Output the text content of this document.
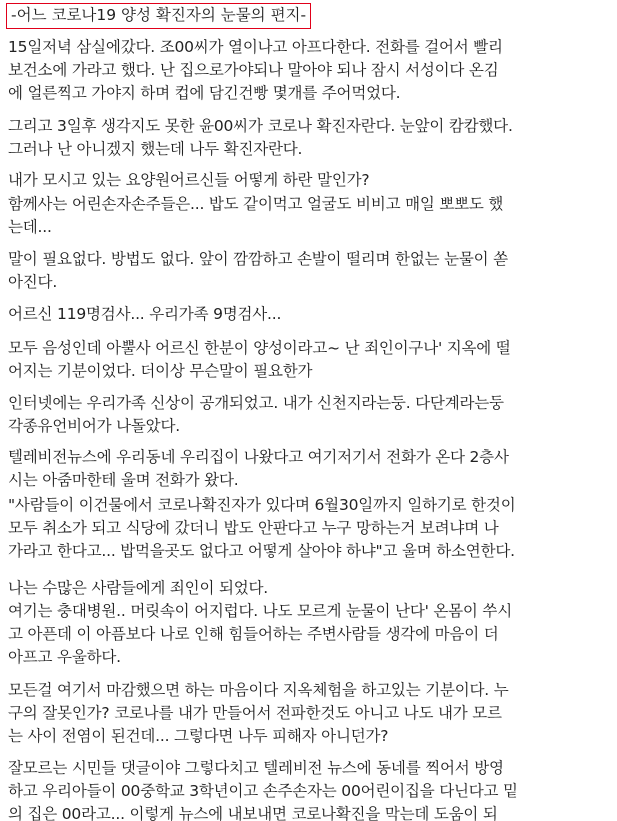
-어느 코로나19 양성 확진자의 눈물의 편지-

15일저녁 삼실에갔다. 조00씨가 열이나고 아프다한다. 전화를 걸어서 빨리
보건소에 가라고 했다. 난 집으로가야되나 말아야 되나 잠시 서성이다 온김
에 얼른찍고 가야지 하며 컵에 담긴건빵 몇개를 주어먹었다.

그리고 3일후 생각지도 못한 윤00씨가 코로나 확진자란다. 눈앞이 캄캄했다.
그러나 난 아니겠지 했는데 나두 확진자란다.

내가 모시고 있는 요양원어르신들 어떻게 하란 말인가?

함께사는 어린손자손주들은... 밥도 같이먹고 얼굴도 비비고 매일 뽀뽀도 했
는데...

말이 필요없다. 방법도 없다. 앞이 깜깜하고 손발이 떨리며 한없는 눈물이 쏟
아진다.

어르신 119명검사... 우리가족 9명검사...

모두 음성인데 아뿔사 어르신 한분이 양성이라고~ 난 죄인이구나' 지옥에 떨
어지는 기분이었다. 더이상 무슨말이 필요한가

인터넷에는 우리가족 신상이 공개되었고. 내가 신천지라는둥. 다단계라는둥
각종유언비어가 나돌았다.

텔레비전뉴스에 우리동네 우리집이 나왔다고 여기저기서 전화가 온다 2층사
시는 아줌마한테 울며 전화가 왔다.

"사람들이 이건물에서 코로나확진자가 있다며 6월30일까지 일하기로 한것이
모두 취소가 되고 식당에 갔더니 밥도 안판다고 누구 망하는거 보려냐며 나
가라고 한다고... 밥먹을곳도 없다고 어떻게 살아야 하냐"고 울며 하소연한다.

나는 수많은 사람들에게 죄인이 되었다.

여기는 충대병원.. 머릿속이 어지럽다. 나도 모르게 눈물이 난다' 온몸이 쑤시
고 아픈데 이 아픔보다 나로 인해 힘들어하는 주변사람들 생각에 마음이 더
아프고 우울하다.

모든걸 여기서 마감했으면 하는 마음이다 지옥체험을 하고있는 기분이다. 누
구의 잘못인가? 코로나를 내가 만들어서 전파한것도 아니고 나도 내가 모르
는 사이 전염이 된건데... 그렇다면 나두 피해자 아니던가?

잘모르는 시민들 댓글이야 그렇다치고 텔레비전 뉴스에 동네를 찍어서 방영
하고 우리아들이 00중학교 3학년이고 손주손자는 00어린이집을 다닌다고 밑
의 집은 00라고... 이렇게 뉴스에 내보내면 코로나확진을 막는데 도움이 되
